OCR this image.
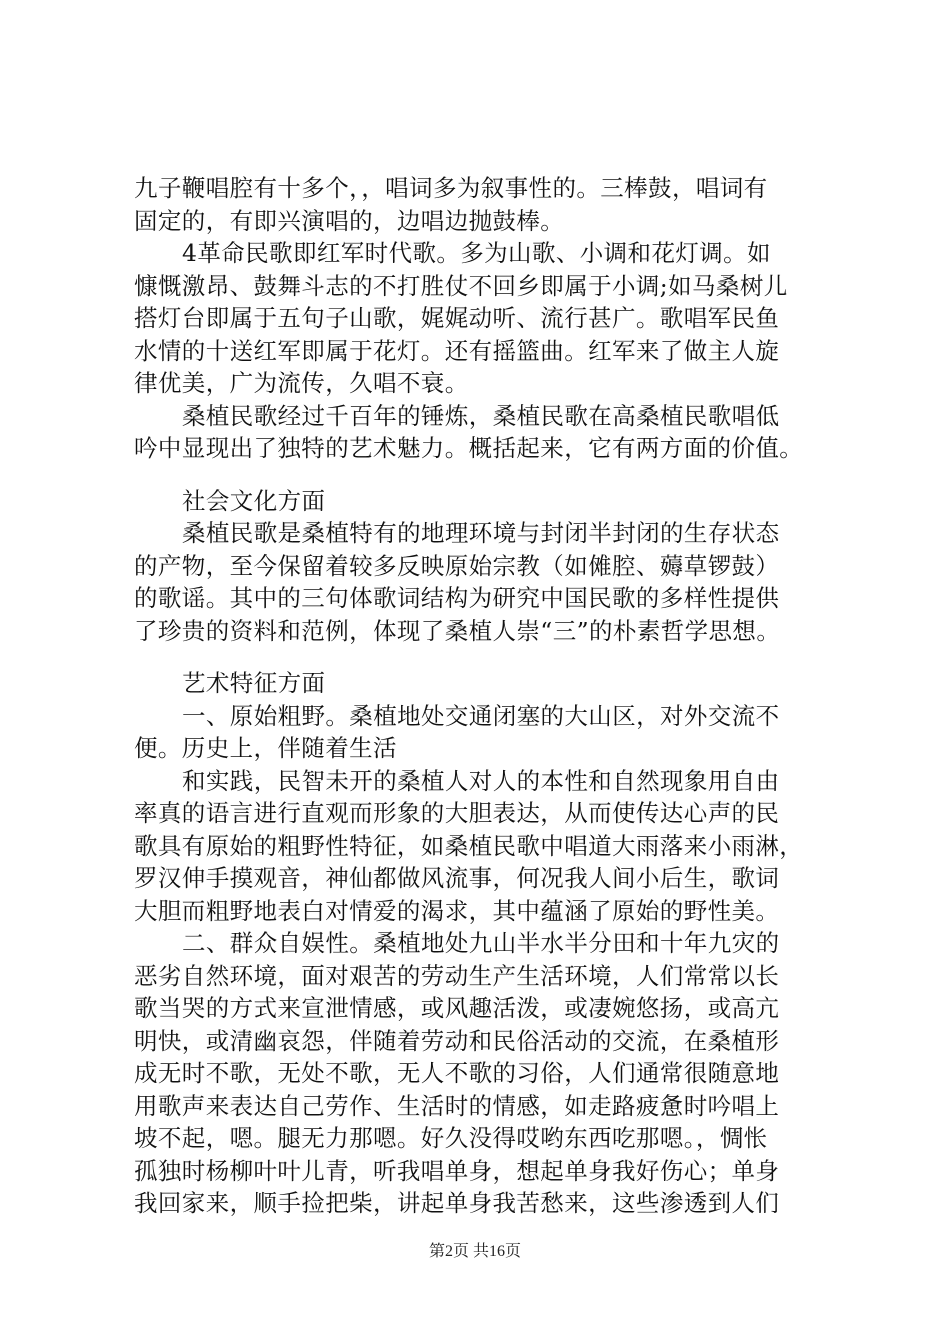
九子鞭唱腔有十多个，，唱词多为叙事性的。三棒鼓，唱词有
固定的，有即兴演唱的，边唱边抛鼓棒。
4革命民歌即红军时代歌。多为山歌、小调和花灯调。如
慷慨激昂、鼓舞斗志的不打胜仗不回乡即属于小调;如马桑树儿
搭灯台即属于五句子山歌，娓娓动听、流行甚广。歌唱军民鱼
水情的十送红军即属于花灯。还有摇篮曲。红军来了做主人旋
律优美，广为流传，久唱不衰。
桑植民歌经过千百年的锤炼，桑植民歌在高桑植民歌唱低
吟中显现出了独特的艺术魅力。概括起来，它有两方面的价值。
社会文化方面
桑植民歌是桑植特有的地理环境与封闭半封闭的生存状态
的产物，至今保留着较多反映原始宗教（如傩腔、薅草锣鼓）
的歌谣。其中的三句体歌词结构为研究中国民歌的多样性提供
了珍贵的资料和范例，体现了桑植人崇“三”的朴素哲学思想。
艺术特征方面
一、原始粗野。桑植地处交通闭塞的大山区，对外交流不
便。历史上，伴随着生活
和实践，民智未开的桑植人对人的本性和自然现象用自由
率真的语言进行直观而形象的大胆表达，从而使传达心声的民
歌具有原始的粗野性特征，如桑植民歌中唱道大雨落来小雨淋，
罗汉伸手摸观音，神仙都做风流事，何况我人间小后生，歌词
大胆而粗野地表白对情爱的渴求，其中蕴涵了原始的野性美。
二、群众自娱性。桑植地处九山半水半分田和十年九灾的
恶劣自然环境，面对艰苦的劳动生产生活环境，人们常常以长
歌当哭的方式来宣泄情感，或风趣活泼，或凄婉悠扬，或高亢
明快，或清幽哀怨，伴随着劳动和民俗活动的交流，在桑植形
成无时不歌，无处不歌，无人不歌的习俗，人们通常很随意地
用歌声来表达自己劳作、生活时的情感，如走路疲惫时吟唱上
坡不起，嗯。腿无力那嗯。好久没得哎哟东西吃那嗯。，惆怅
孤独时杨柳叶叶儿青，听我唱单身，想起单身我好伤心；单身
我回家来，顺手捡把柴，讲起单身我苦愁来，这些渗透到人们
第2页 共16页
